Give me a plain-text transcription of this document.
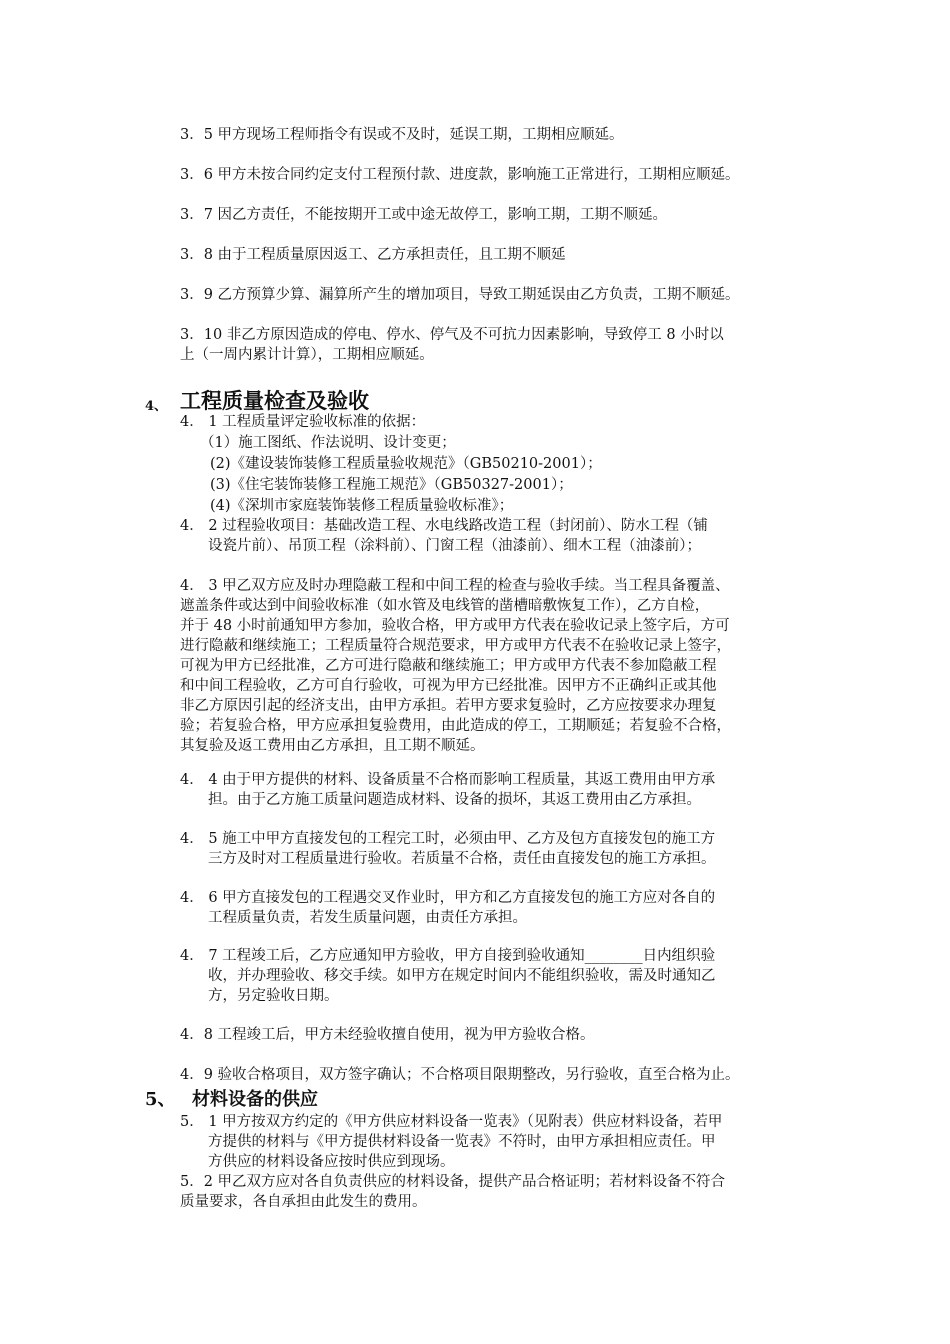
3．5 甲方现场工程师指令有误或不及时，延误工期，工期相应顺延。
3．6 甲方未按合同约定支付工程预付款、进度款，影响施工正常进行，工期相应顺延。
3．7 因乙方责任，不能按期开工或中途无故停工，影响工期，工期不顺延。
3．8 由于工程质量原因返工、乙方承担责任，且工期不顺延
3．9 乙方预算少算、漏算所产生的增加项目，导致工期延误由乙方负责，工期不顺延。
3．10 非乙方原因造成的停电、停水、停气及不可抗力因素影响，导致停工 8 小时以
上（一周内累计计算），工期相应顺延。
4、 工程质量检查及验收
4． 1 工程质量评定验收标准的依据：
（1）施工图纸、作法说明、设计变更；
(2)《建设装饰装修工程质量验收规范》（GB50210-2001）；
(3)《住宅装饰装修工程施工规范》（GB50327-2001）；
(4)《深圳市家庭装饰装修工程质量验收标准》；
4． 2 过程验收项目：基础改造工程、水电线路改造工程（封闭前）、防水工程（铺
设瓷片前）、吊顶工程（涂料前）、门窗工程（油漆前）、细木工程（油漆前）；
4． 3 甲乙双方应及时办理隐蔽工程和中间工程的检查与验收手续。当工程具备覆盖、
遮盖条件或达到中间验收标准（如水管及电线管的凿槽暗敷恢复工作），乙方自检，
并于 48 小时前通知甲方参加，验收合格，甲方或甲方代表在验收记录上签字后，方可
进行隐蔽和继续施工；工程质量符合规范要求，甲方或甲方代表不在验收记录上签字，
可视为甲方已经批准，乙方可进行隐蔽和继续施工；甲方或甲方代表不参加隐蔽工程
和中间工程验收，乙方可自行验收，可视为甲方已经批准。因甲方不正确纠正或其他
非乙方原因引起的经济支出，由甲方承担。若甲方要求复验时，乙方应按要求办理复
验；若复验合格，甲方应承担复验费用，由此造成的停工，工期顺延；若复验不合格，
其复验及返工费用由乙方承担，且工期不顺延。
4． 4 由于甲方提供的材料、设备质量不合格而影响工程质量，其返工费用由甲方承
担。由于乙方施工质量问题造成材料、设备的损坏，其返工费用由乙方承担。
4． 5 施工中甲方直接发包的工程完工时，必须由甲、乙方及包方直接发包的施工方
三方及时对工程质量进行验收。若质量不合格，责任由直接发包的施工方承担。
4． 6 甲方直接发包的工程遇交叉作业时，甲方和乙方直接发包的施工方应对各自的
工程质量负责，若发生质量问题，由责任方承担。
4． 7 工程竣工后，乙方应通知甲方验收，甲方自接到验收通知________日内组织验
收，并办理验收、移交手续。如甲方在规定时间内不能组织验收，需及时通知乙
方，另定验收日期。
4．8 工程竣工后，甲方未经验收擅自使用，视为甲方验收合格。
4．9 验收合格项目，双方签字确认；不合格项目限期整改，另行验收，直至合格为止。
5、 材料设备的供应
5． 1 甲方按双方约定的《甲方供应材料设备一览表》（见附表）供应材料设备，若甲
方提供的材料与《甲方提供材料设备一览表》不符时，由甲方承担相应责任。甲
方供应的材料设备应按时供应到现场。
5．2 甲乙双方应对各自负责供应的材料设备，提供产品合格证明；若材料设备不符合
质量要求，各自承担由此发生的费用。
